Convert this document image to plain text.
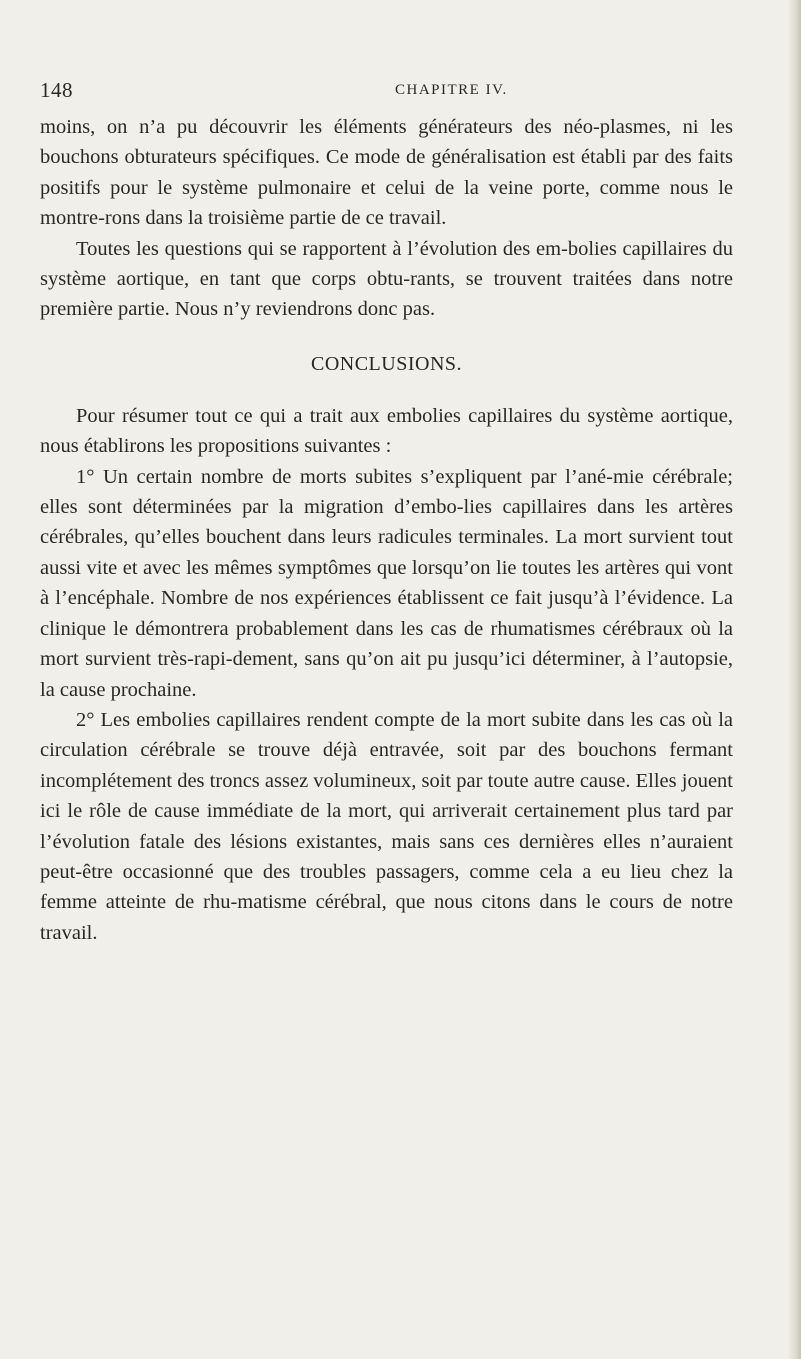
148	CHAPITRE IV.

moins, on n’a pu découvrir les éléments générateurs des néo-plasmes, ni les bouchons obturateurs spécifiques. Ce mode de généralisation est établi par des faits positifs pour le système pulmonaire et celui de la veine porte, comme nous le montre-rons dans la troisième partie de ce travail.

Toutes les questions qui se rapportent à l’évolution des em-bolies capillaires du système aortique, en tant que corps obtu-rants, se trouvent traitées dans notre première partie. Nous n’y reviendrons donc pas.

CONCLUSIONS.

Pour résumer tout ce qui a trait aux embolies capillaires du système aortique, nous établirons les propositions suivantes :

1° Un certain nombre de morts subites s’expliquent par l’ané-mie cérébrale; elles sont déterminées par la migration d’embo-lies capillaires dans les artères cérébrales, qu’elles bouchent dans leurs radicules terminales. La mort survient tout aussi vite et avec les mêmes symptômes que lorsqu’on lie toutes les artères qui vont à l’encéphale. Nombre de nos expériences établissent ce fait jusqu’à l’évidence. La clinique le démontrera probablement dans les cas de rhumatismes cérébraux où la mort survient très-rapi-dement, sans qu’on ait pu jusqu’ici déterminer, à l’autopsie, la cause prochaine.

2° Les embolies capillaires rendent compte de la mort subite dans les cas où la circulation cérébrale se trouve déjà entravée, soit par des bouchons fermant incomplétement des troncs assez volumineux, soit par toute autre cause. Elles jouent ici le rôle de cause immédiate de la mort, qui arriverait certainement plus tard par l’évolution fatale des lésions existantes, mais sans ces dernières elles n’auraient peut-être occasionné que des troubles passagers, comme cela a eu lieu chez la femme atteinte de rhu-matisme cérébral, que nous citons dans le cours de notre travail.
